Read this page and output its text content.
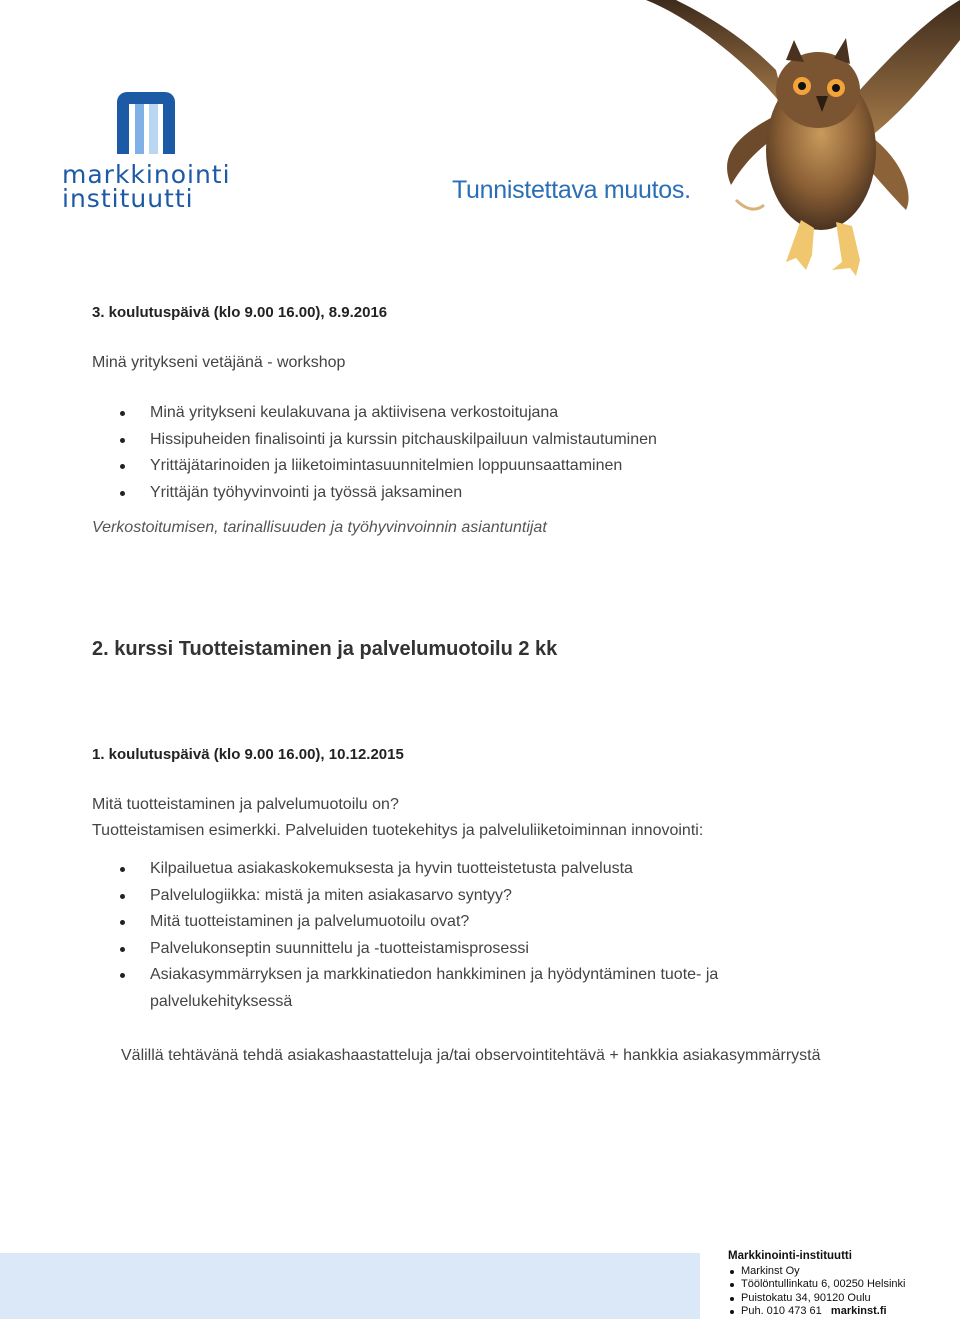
markkinointi
instituutti	Tunnistettava muutos.
3. koulutuspäivä (klo 9.00 16.00), 8.9.2016
Minä yritykseni vetäjänä - workshop
Minä yritykseni keulakuvana ja aktiivisena verkostoitujana
Hissipuheiden finalisointi ja kurssin pitchauskilpailuun valmistautuminen
Yrittäjätarinoiden ja liiketoimintasuunnitelmien loppuunsaattaminen
Yrittäjän työhyvinvointi ja työssä jaksaminen
Verkostoitumisen, tarinallisuuden ja työhyvinvoinnin asiantuntijat
2. kurssi Tuotteistaminen ja palvelumuotoilu 2 kk
1. koulutuspäivä (klo 9.00 16.00), 10.12.2015
Mitä tuotteistaminen ja palvelumuotoilu on?
Tuotteistamisen esimerkki. Palveluiden tuotekehitys ja palveluliiketoiminnan innovointi:
Kilpailuetua asiakaskokemuksesta ja hyvin tuotteistetusta palvelusta
Palvelulogiikka: mistä ja miten asiakasarvo syntyy?
Mitä tuotteistaminen ja palvelumuotoilu ovat?
Palvelukonseptin suunnittelu ja -tuotteistamisprosessi
Asiakasymmärryksen ja markkinatiedon hankkiminen ja hyödyntäminen tuote- ja palvelukehityksessä
Välillä tehtävänä tehdä asiakashaastatteluja ja/tai observointitehtävä + hankkia asiakasymmärrystä
Markkinointi-instituutti
Markinst Oy
Töölöntullinkatu 6, 00250 Helsinki
Puistokatu 34, 90120 Oulu
Puh. 010 473 61 markinst.fi
